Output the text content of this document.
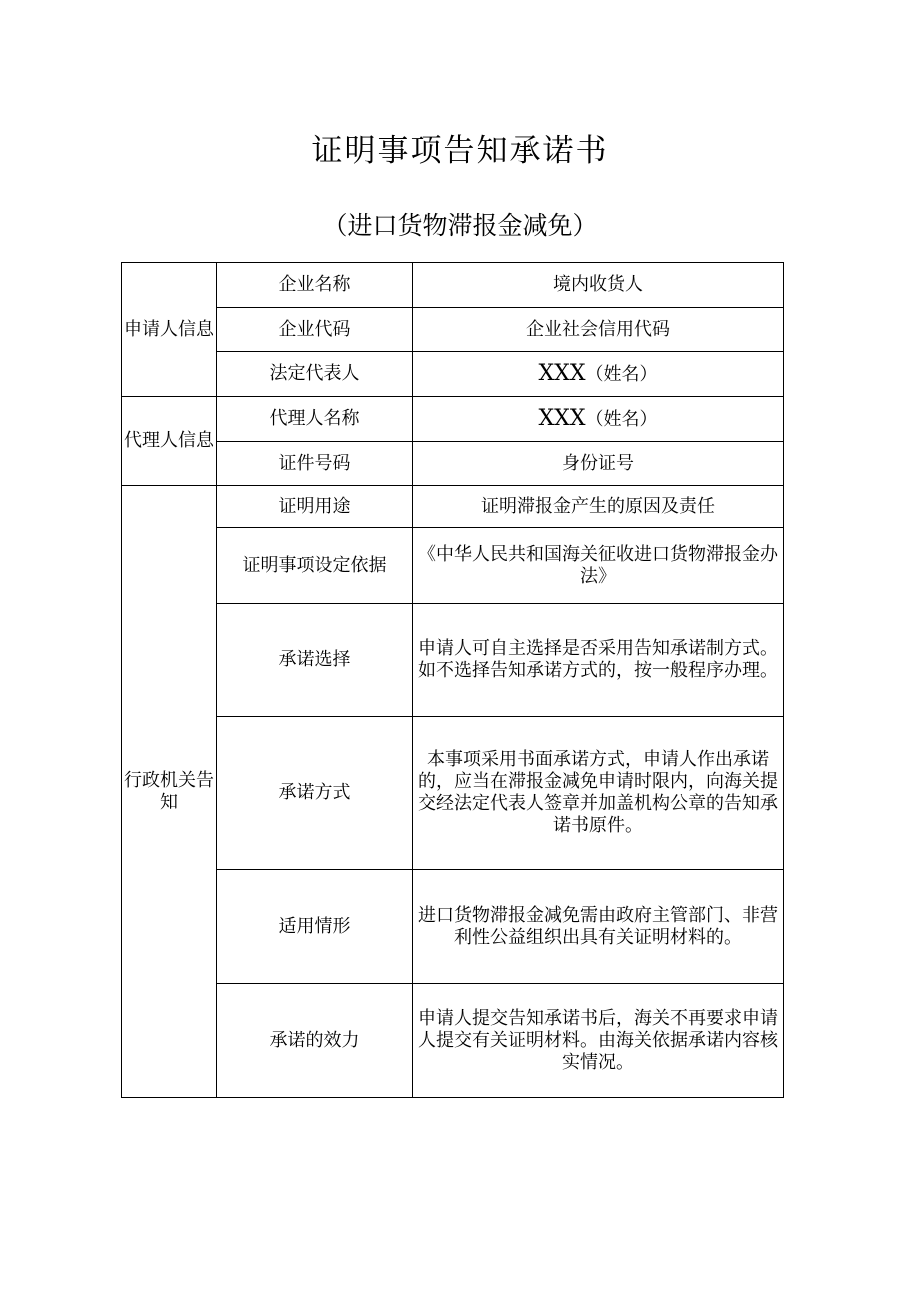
证明事项告知承诺书
（进口货物滞报金减免）
申请人信息	企业名称	境内收货人
	企业代码	企业社会信用代码
	法定代表人	XXX（姓名）
代理人信息	代理人名称	XXX（姓名）
	证件号码	身份证号
行政机关告知	证明用途	证明滞报金产生的原因及责任
	证明事项设定依据	《中华人民共和国海关征收进口货物滞报金办法》
	承诺选择	申请人可自主选择是否采用告知承诺制方式。如不选择告知承诺方式的，按一般程序办理。
	承诺方式	本事项采用书面承诺方式，申请人作出承诺的，应当在滞报金减免申请时限内，向海关提交经法定代表人签章并加盖机构公章的告知承诺书原件。
	适用情形	进口货物滞报金减免需由政府主管部门、非营利性公益组织出具有关证明材料的。
	承诺的效力	申请人提交告知承诺书后，海关不再要求申请人提交有关证明材料。由海关依据承诺内容核实情况。
